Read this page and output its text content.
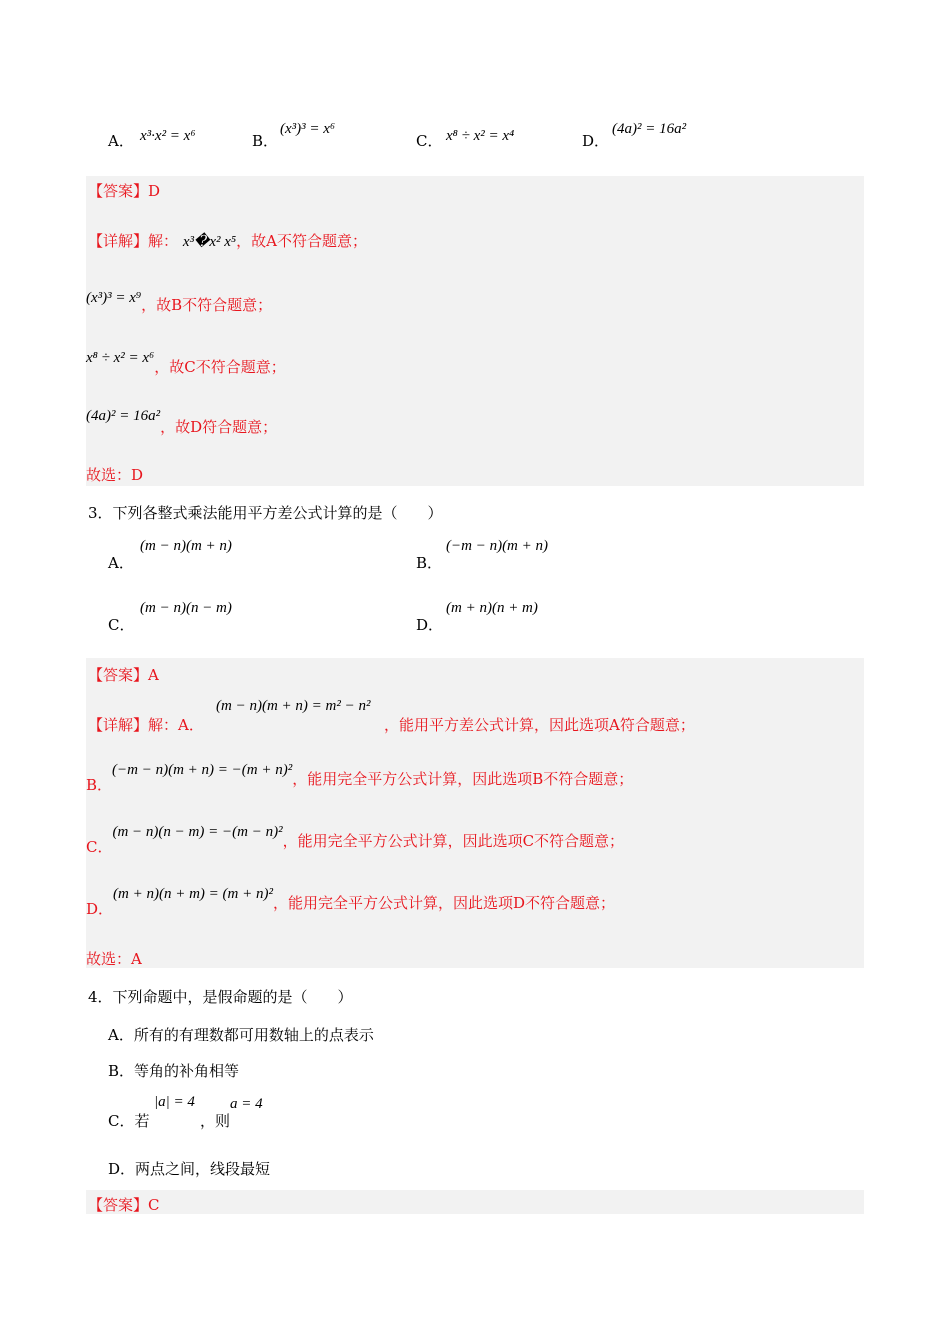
A． x³·x² = x⁶	B．
(x³)³ = x⁶
C． x⁸ ÷ x² = x⁴	D．
(4a)² = 16a²
【答案】D
【详解】解： x³�x² x⁵，故A不符合题意；
(x³)³ = x⁹，故B不符合题意；
x⁸ ÷ x² = x⁶，故C不符合题意；
(4a)² = 16a²，故D符合题意；
故选：D
3．下列各整式乘法能用平方差公式计算的是（　　）
A．
(m − n)(m + n)
B．
(−m − n)(m + n)
C．
(m − n)(n − m)
D．
(m + n)(n + m)
【答案】A
【详解】解：A．
(m − n)(m + n) = m² − n²
，能用平方差公式计算，因此选项A符合题意；
B．(−m − n)(m + n) = −(m + n)²，能用完全平方公式计算，因此选项B不符合题意；
C．(m − n)(n − m) = −(m − n)²，能用完全平方公式计算，因此选项C不符合题意；
D．(m + n)(n + m) = (m + n)²，能用完全平方公式计算，因此选项D不符合题意；
故选：A
4．下列命题中，是假命题的是（　　）
A．所有的有理数都可用数轴上的点表示
B．等角的补角相等
C．若
|a| = 4
，则
a = 4
D．两点之间，线段最短
【答案】C
